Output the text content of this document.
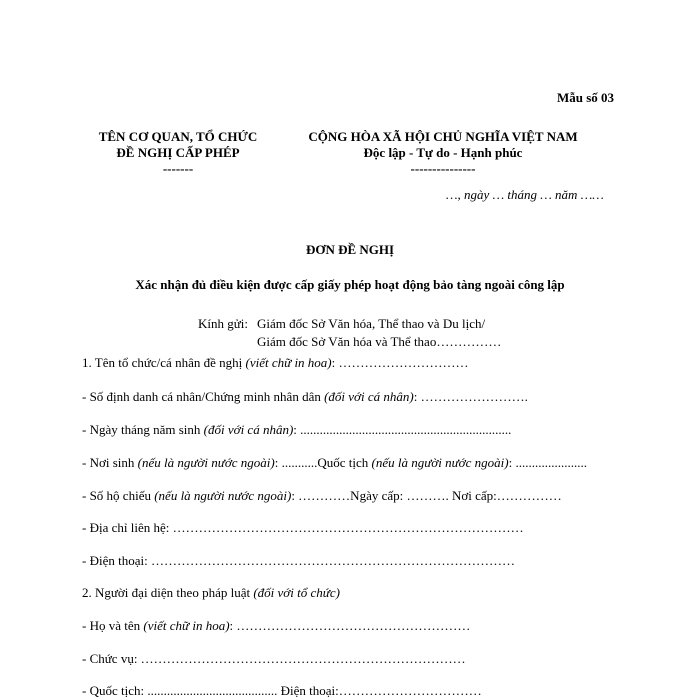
Mẫu số 03
TÊN CƠ QUAN, TỔ CHỨC
ĐỀ NGHỊ CẤP PHÉP
-------
CỘNG HÒA XÃ HỘI CHỦ NGHĨA VIỆT NAM
Độc lập - Tự do - Hạnh phúc
---------------
…, ngày … tháng … năm ……
ĐƠN ĐỀ NGHỊ
Xác nhận đủ điều kiện được cấp giấy phép hoạt động bảo tàng ngoài công lập
Kính gửi: Giám đốc Sở Văn hóa, Thể thao và Du lịch/
Giám đốc Sở Văn hóa và Thể thao……………
1. Tên tổ chức/cá nhân đề nghị (viết chữ in hoa): …………………………
- Số định danh cá nhân/Chứng minh nhân dân (đối với cá nhân): …………………….
- Ngày tháng năm sinh (đối với cá nhân): .................................................................
- Nơi sinh (nếu là người nước ngoài): ...........Quốc tịch (nếu là người nước ngoài): ......................
- Số hộ chiếu (nếu là người nước ngoài): …………Ngày cấp: ………. Nơi cấp:……………
- Địa chỉ liên hệ: ………………………………………………………………………
- Điện thoại: …………………………………………………………………………
2. Người đại diện theo pháp luật (đối với tổ chức)
- Họ và tên (viết chữ in hoa): ………………………………………………
- Chức vụ: …………………………………………………………………
- Quốc tịch: ........................................ Điện thoại:……………………………
